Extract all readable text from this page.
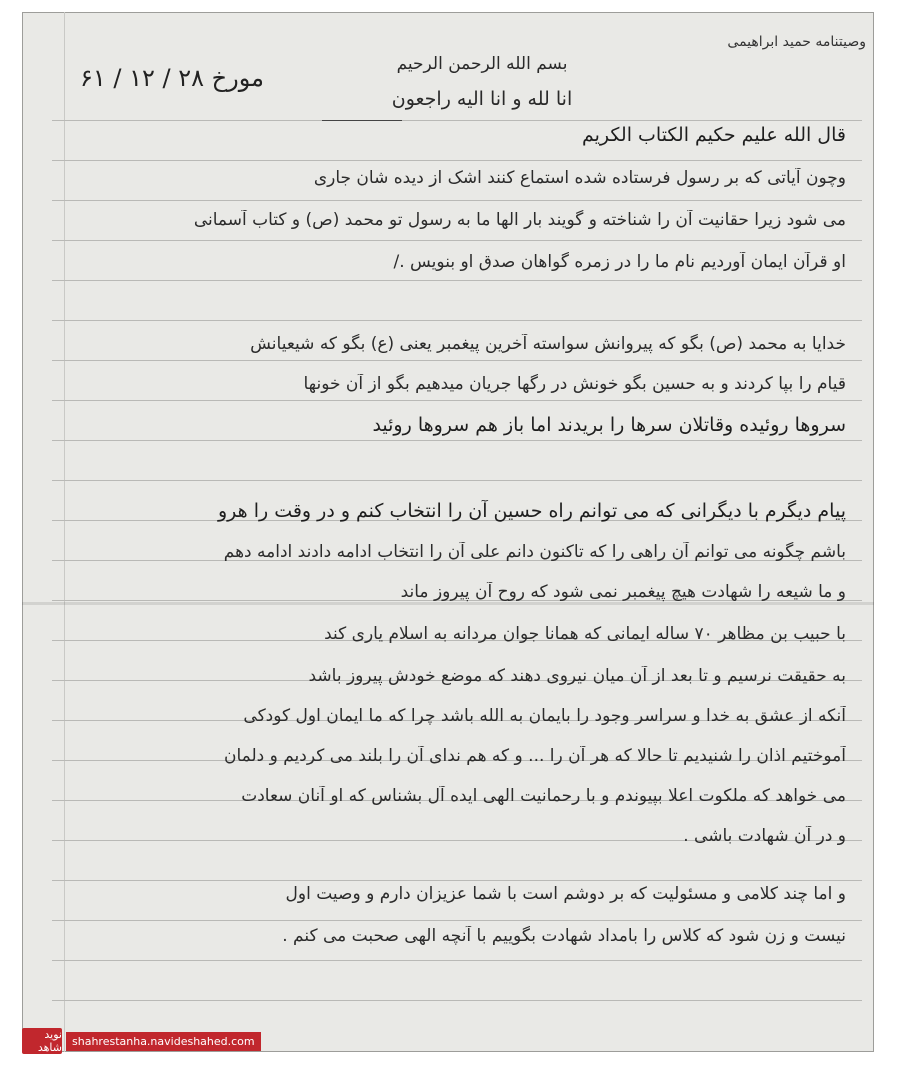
وصیتنامه حمید ابراهیمی
مورخ ۲۸ / ۱۲ / ۶۱	بسم الله الرحمن الرحیم
انا لله و انا الیه راجعون
قال الله علیم حکیم الکتاب الکریم
وچون آیاتی که بر رسول فرستاده شده استماع کنند اشک از دیده شان جاری
می شود زیرا حقانیت آن را شناخته و گویند بار الها ما به رسول تو محمد (ص) و کتاب آسمانی
او قرآن ایمان آوردیم نام ما را در زمره گواهان صدق او بنویس ./
خدایا به محمد (ص) بگو که پیروانش سواسته آخرین پیغمبر یعنی (ع) بگو که شیعیانش
قیام را بپا کردند و به حسین بگو خونش در رگها جریان میدهیم بگو از آن خونها
سروها روئیده وقاتلان سرها را بریدند اما باز هم سروها روئید
پیام دیگرم با دیگرانی که می توانم راه حسین آن را انتخاب کنم و در وقت را هرو
باشم چگونه می توانم آن راهی را که تاکنون دانم علی آن را انتخاب ادامه دادند ادامه دهم
و ما شیعه را شهادت هیچ پیغمبر نمی شود که روح آن پیروز ماند
با حبیب بن مظاهر ۷۰ ساله ایمانی که همانا جوان مردانه به اسلام یاری کند
به حقیقت نرسیم و تا بعد از آن میان نیروی دهند که موضع خودش پیروز باشد
آنکه از عشق به خدا و سراسر وجود را بایمان به الله باشد چرا که ما ایمان اول کودکی
آموختیم اذان را شنیدیم تا حالا که هر آن را ... و که هم ندای آن را بلند می کردیم و دلمان
می خواهد که ملکوت اعلا بپیوندم و با رحمانیت الهی ایده آل بشناس که او آنان سعادت
و در آن شهادت باشی .
و اما چند کلامی و مسئولیت که بر دوشم است با شما عزیزان دارم و وصیت اول
نیست و زن شود که کلاس را بامداد شهادت بگوییم با آنچه الهی صحبت می کنم .
نوید شاهد shahrestanha.navideshahed.com
